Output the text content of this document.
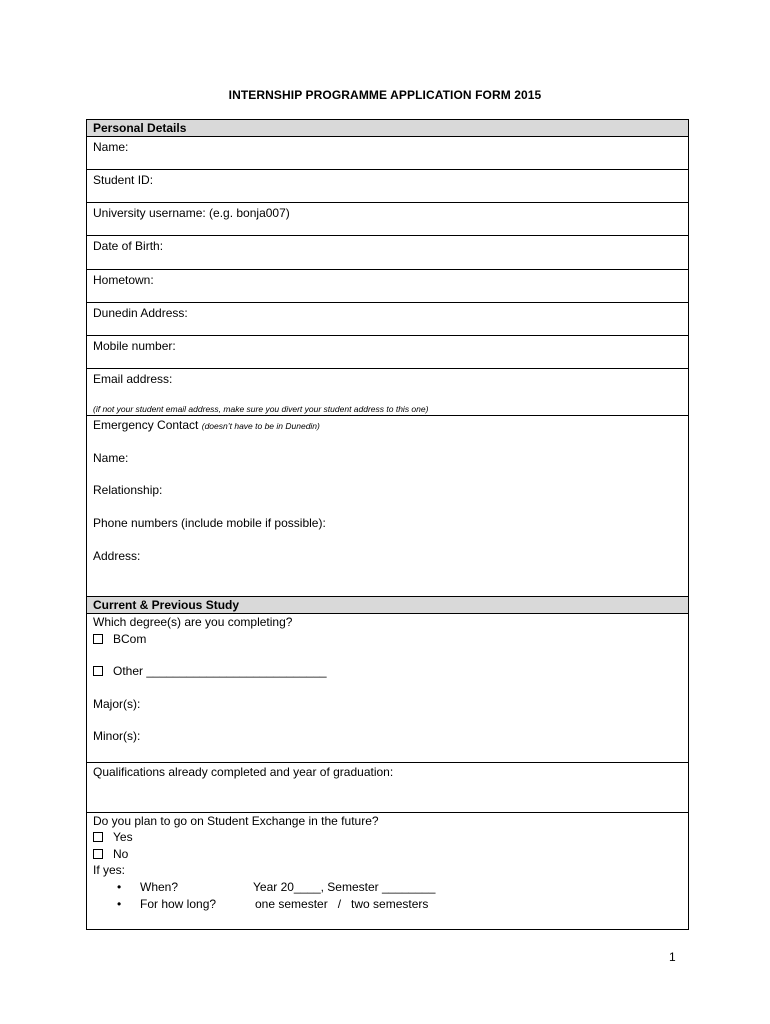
INTERNSHIP PROGRAMME APPLICATION FORM 2015
Personal Details
Name:
Student ID:
University username: (e.g. bonja007)
Date of Birth:
Hometown:
Dunedin Address:
Mobile number:
Email address:
(if not your student email address, make sure you divert your student address to this one)
Emergency Contact (doesn’t have to be in Dunedin)
Name:
Relationship:
Phone numbers (include mobile if possible):
Address:
Current & Previous Study
Which degree(s) are you completing?
BCom
Other ___________________________
Major(s):
Minor(s):
Qualifications already completed and year of graduation:
Do you plan to go on Student Exchange in the future?
Yes
No
If yes:
• When?	Year 20____, Semester ________
• For how long?	one semester   /   two semesters
1
